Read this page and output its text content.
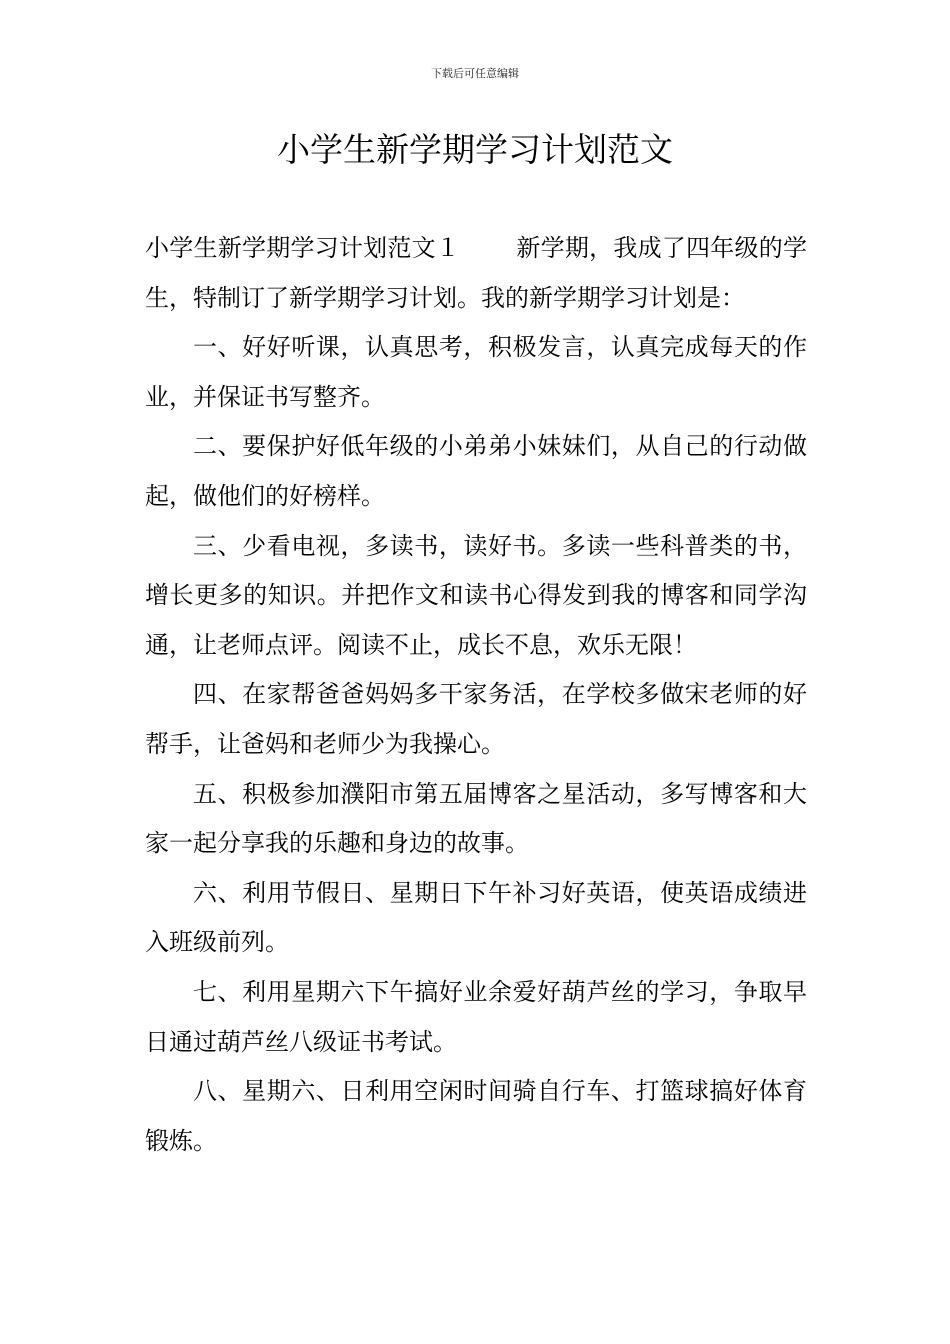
下载后可任意编辑
小学生新学期学习计划范文

小学生新学期学习计划范文１ 新学期，我成了四年级的学生，特制订了新学期学习计划。我的新学期学习计划是：

一、好好听课，认真思考，积极发言，认真完成每天的作业，并保证书写整齐。

二、要保护好低年级的小弟弟小妹妹们，从自己的行动做起，做他们的好榜样。

三、少看电视，多读书，读好书。多读一些科普类的书，增长更多的知识。并把作文和读书心得发到我的博客和同学沟通，让老师点评。阅读不止，成长不息，欢乐无限！

四、在家帮爸爸妈妈多干家务活，在学校多做宋老师的好帮手，让爸妈和老师少为我操心。

五、积极参加濮阳市第五届博客之星活动，多写博客和大家一起分享我的乐趣和身边的故事。

六、利用节假日、星期日下午补习好英语，使英语成绩进入班级前列。

七、利用星期六下午搞好业余爱好葫芦丝的学习，争取早日通过葫芦丝八级证书考试。

八、星期六、日利用空闲时间骑自行车、打篮球搞好体育锻炼。
